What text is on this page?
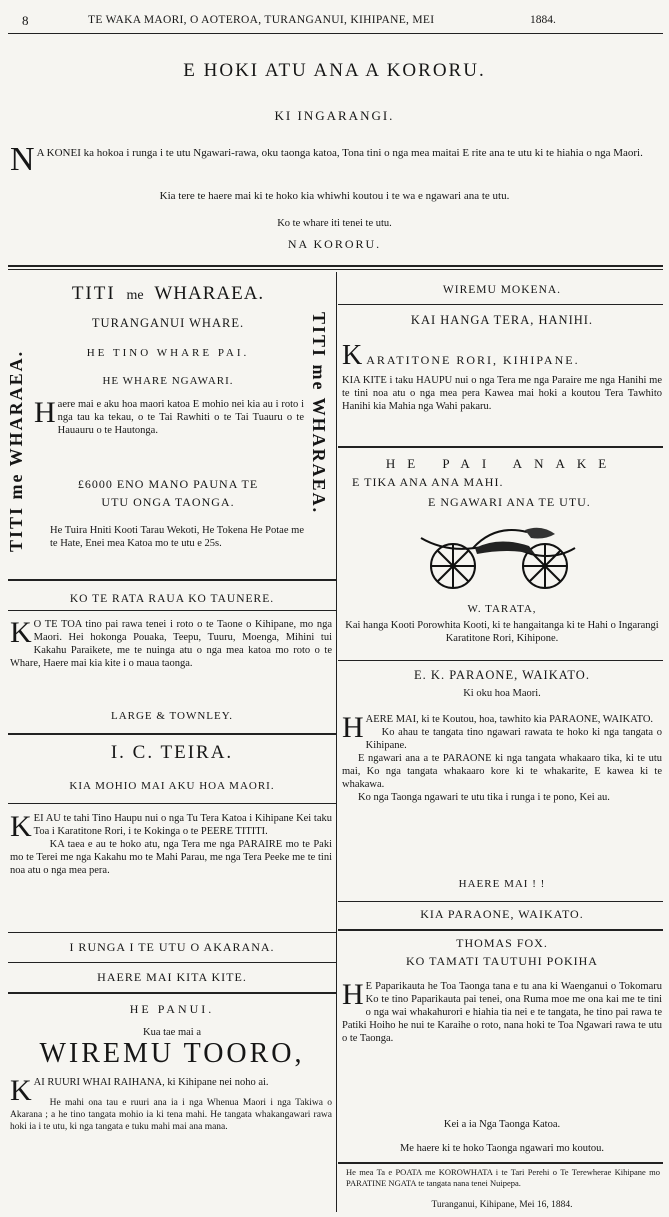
8	TE WAKA MAORI, O AOTEROA, TURANGANUI, KIHIPANE, MEI	1884.
E HOKI ATU ANA A KORORU.
KI INGARANGI.
N A KONEI ka hokoa i runga i te utu Ngawari-rawa, oku taonga katoa, Tona tini o nga mea maitai E rite ana te utu ki te hiahia o nga Maori.

Kia tere te haere mai ki te hoko kia whiwhi koutou i te wa e ngawari ana te utu.
Ko te whare iti tenei te utu.
NA KORORU.
TITI me WHARAEA.	TITI me WHARAEA.
TITI me WHARAEA.
TURANGANUI WHARE.
HE TINO WHARE PAI.
HE WHARE NGAWARI.
H aere mai e aku hoa maori katoa E mohio nei kia au i roto i nga tau ka tekau, o te Tai Rawhiti o te Tai Tuauru o te Hauauru o te Hautonga.

£6000 ENO MANO PAUNA TE
UTU ONGA TAONGA.

He Tuira Hniti Kooti Tarau Wekoti, He Tokena He Potae me te Hate, Enei mea Katoa mo te utu e 25s.

KO TE RATA RAUA KO TAUNERE.
K O TE TOA tino pai rawa tenei i roto o te Taone o Kihipane, mo nga Maori. Hei hokonga Pouaka, Teepu, Tuuru, Moenga, Mihini tui Kakahu Paraikete, me te nuinga atu o nga mea katoa mo roto o te Whare, Haere mai kia kite i o maua taonga.

LARGE & TOWNLEY.
I. C. TEIRA.
KIA MOHIO MAI AKU HOA MAORI.
K EI AU te tahi Tino Haupu nui o nga Tu Tera Katoa i Kihipane Kei taku Toa i Karatitone Rori, i te Kokinga o te PEERE TITITI.

KA taea e au te hoko atu, nga Tera me nga PARAIRE mo te Paki mo te Terei me nga Kakahu mo te Mahi Parau, me nga Tera Peeke me te tini noa atu o nga mea pera.

I RUNGA I TE UTU O AKARANA.
HAERE MAI KITA KITE.
HE PANUI.
Kua tae mai a
WIREMU TOORO,
K AI RUURI WHAI RAIHANA, ki Kihipane nei noho ai.

He mahi ona tau e ruuri ana ia i nga Whenua Maori i nga Takiwa o Akarana ; a he tino tangata mohio ia ki tena mahi. He tangata whakangawari rawa hoki ia i te utu, ki nga tangata e tuku mahi mai ana mana.

WIREMU MOKENA.
KAI HANGA TERA, HANIHI.
K ARATITONE RORI, KIHIPANE.

KIA KITE i taku HAUPU nui o nga Tera me nga Paraire me nga Hanihi me te tini noa atu o nga mea pera Kawea mai hoki a koutou Tera Tawhito Hanihi kia Mahia nga Wahi pakaru.

HE PAI ANAKE
E TIKA ANA ANA MAHI.
E NGAWARI ANA TE UTU.
W. TARATA,

Kai hanga Kooti Porowhita Kooti, ki te hangaitanga ki te Hahi o Ingarangi Karatitone Rori, Kihipone.

E. K. PARAONE, WAIKATO.
Ki oku hoa Maori.
H AERE MAI, ki te Koutou, hoa, tawhito kia PARAONE, WAIKATO.

Ko ahau te tangata tino ngawari rawata te hoko ki nga tangata o Kihipane.

E ngawari ana a te PARAONE ki nga tangata whakaaro tika, ki te utu mai, Ko nga tangata whakaaro kore ki te whakarite, E kawea ki te whakawa.

Ko nga Taonga ngawari te utu tika i runga i te pono, Kei au.

HAERE MAI ! !
KIA PARAONE, WAIKATO.
THOMAS FOX.
KO TAMATI TAUTUHI POKIHA
H E Paparikauta he Toa Taonga tana e tu ana ki Waenganui o Tokomaru Ko te tino Paparikauta pai tenei, ona Ruma moe me ona kai me te tini o nga wai whakahurori e hiahia tia nei e te tangata, he tino pai rawa te Patiki Hoiho he nui te Karaihe o roto, nana hoki te Toa Ngawari rawa te utu o te Taonga.

Kei a ia Nga Taonga Katoa.
Me haere ki te hoko Taonga ngawari mo koutou.

He mea Ta e POATA me KOROWHATA i te Tari Perehi o Te Terewherae Kihipane mo PARATINE NGATA te tangata nana tenei Nuipepa.

Turanganui, Kihipane, Mei 16, 1884.
